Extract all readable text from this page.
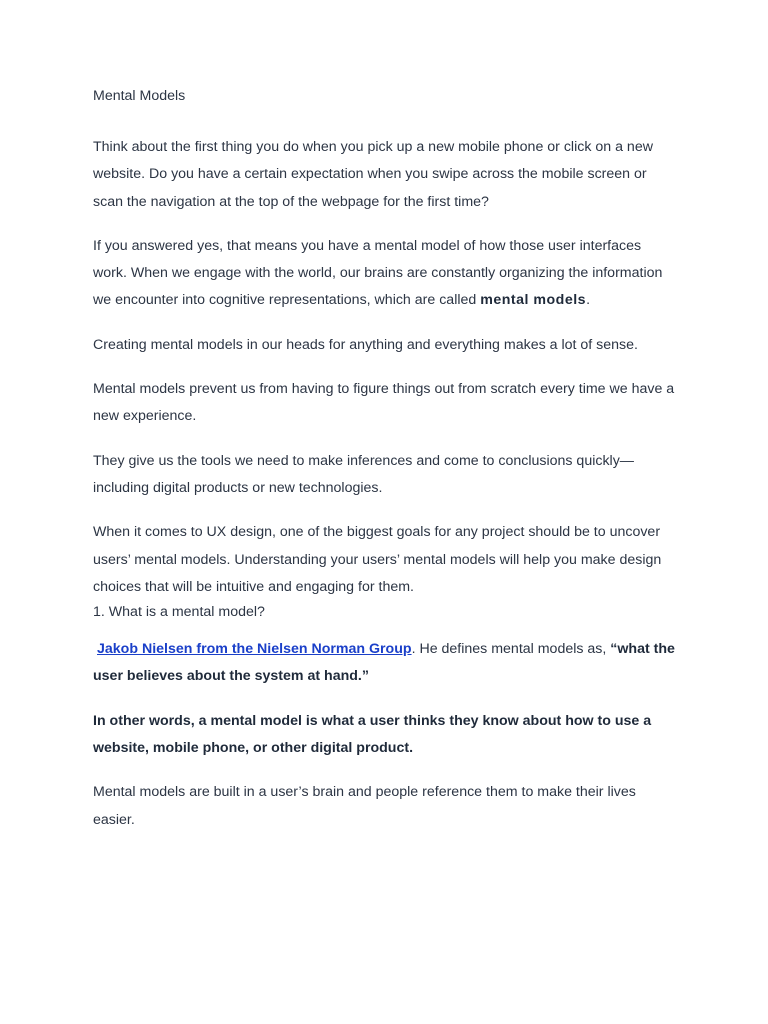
Mental Models

Think about the first thing you do when you pick up a new mobile phone or click on a new website. Do you have a certain expectation when you swipe across the mobile screen or scan the navigation at the top of the webpage for the first time?

If you answered yes, that means you have a mental model of how those user interfaces work. When we engage with the world, our brains are constantly organizing the information we encounter into cognitive representations, which are called mental models.

Creating mental models in our heads for anything and everything makes a lot of sense.

Mental models prevent us from having to figure things out from scratch every time we have a new experience.

They give us the tools we need to make inferences and come to conclusions quickly—including digital products or new technologies.

When it comes to UX design, one of the biggest goals for any project should be to uncover users’ mental models. Understanding your users’ mental models will help you make design choices that will be intuitive and engaging for them.

1. What is a mental model?

Jakob Nielsen from the Nielsen Norman Group. He defines mental models as, “what the user believes about the system at hand.”

In other words, a mental model is what a user thinks they know about how to use a website, mobile phone, or other digital product.

Mental models are built in a user’s brain and people reference them to make their lives easier.
